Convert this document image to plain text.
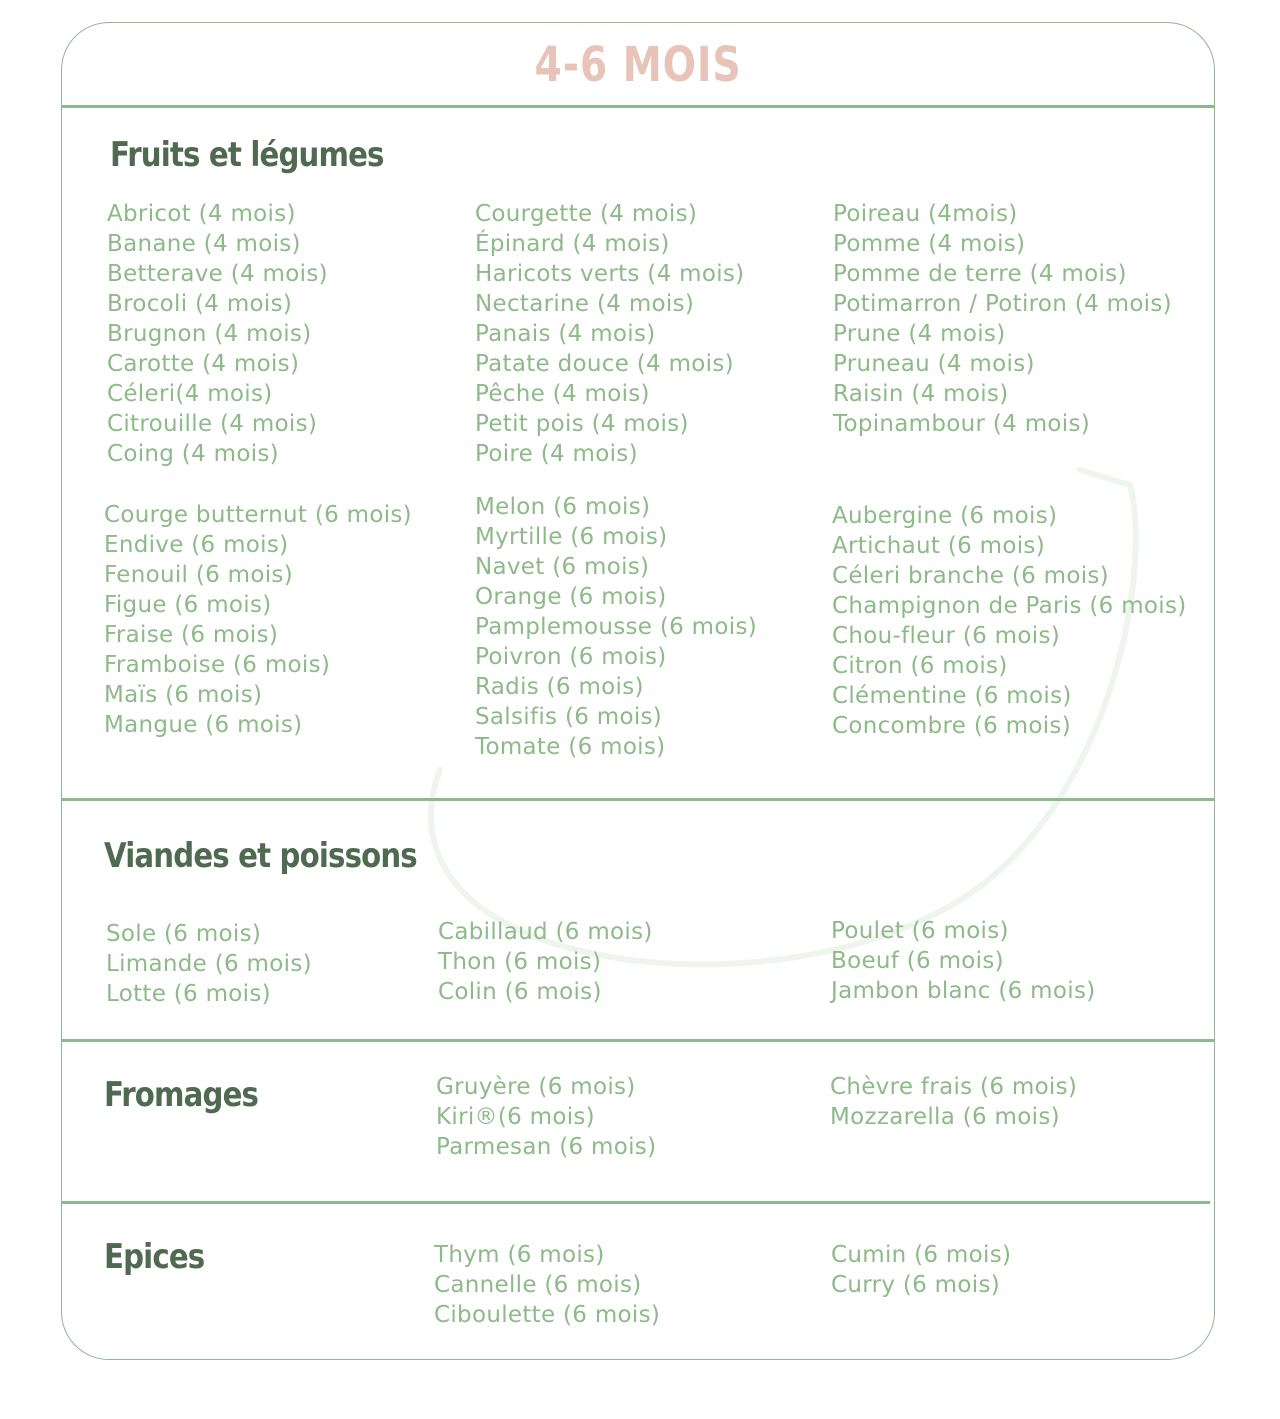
4-6 MOIS
Fruits et légumes
Abricot (4 mois)
Banane (4 mois)
Betterave (4 mois)
Brocoli (4 mois)
Brugnon (4 mois)
Carotte (4 mois)
Céleri(4 mois)
Citrouille (4 mois)
Coing (4 mois)
Courgette (4 mois)
Épinard (4 mois)
Haricots verts (4 mois)
Nectarine (4 mois)
Panais (4 mois)
Patate douce (4 mois)
Pêche (4 mois)
Petit pois (4 mois)
Poire (4 mois)
Poireau (4mois)
Pomme (4 mois)
Pomme de terre (4 mois)
Potimarron / Potiron (4 mois)
Prune (4 mois)
Pruneau (4 mois)
Raisin (4 mois)
Topinambour (4 mois)
Courge butternut (6 mois)
Endive (6 mois)
Fenouil (6 mois)
Figue (6 mois)
Fraise (6 mois)
Framboise (6 mois)
Maïs (6 mois)
Mangue (6 mois)
Melon (6 mois)
Myrtille (6 mois)
Navet (6 mois)
Orange (6 mois)
Pamplemousse (6 mois)
Poivron (6 mois)
Radis (6 mois)
Salsifis (6 mois)
Tomate (6 mois)
Aubergine (6 mois)
Artichaut (6 mois)
Céleri branche (6 mois)
Champignon de Paris (6 mois)
Chou-fleur (6 mois)
Citron (6 mois)
Clémentine (6 mois)
Concombre (6 mois)
Viandes et poissons
Sole (6 mois)
Limande (6 mois)
Lotte (6 mois)
Cabillaud (6 mois)
Thon (6 mois)
Colin (6 mois)
Poulet (6 mois)
Boeuf (6 mois)
Jambon blanc (6 mois)
Fromages	Gruyère (6 mois)
Kiri®(6 mois)
Parmesan (6 mois)
Chèvre frais (6 mois)
Mozzarella (6 mois)
Epices	Thym (6 mois)
Cannelle (6 mois)
Ciboulette (6 mois)
Cumin (6 mois)
Curry (6 mois)
